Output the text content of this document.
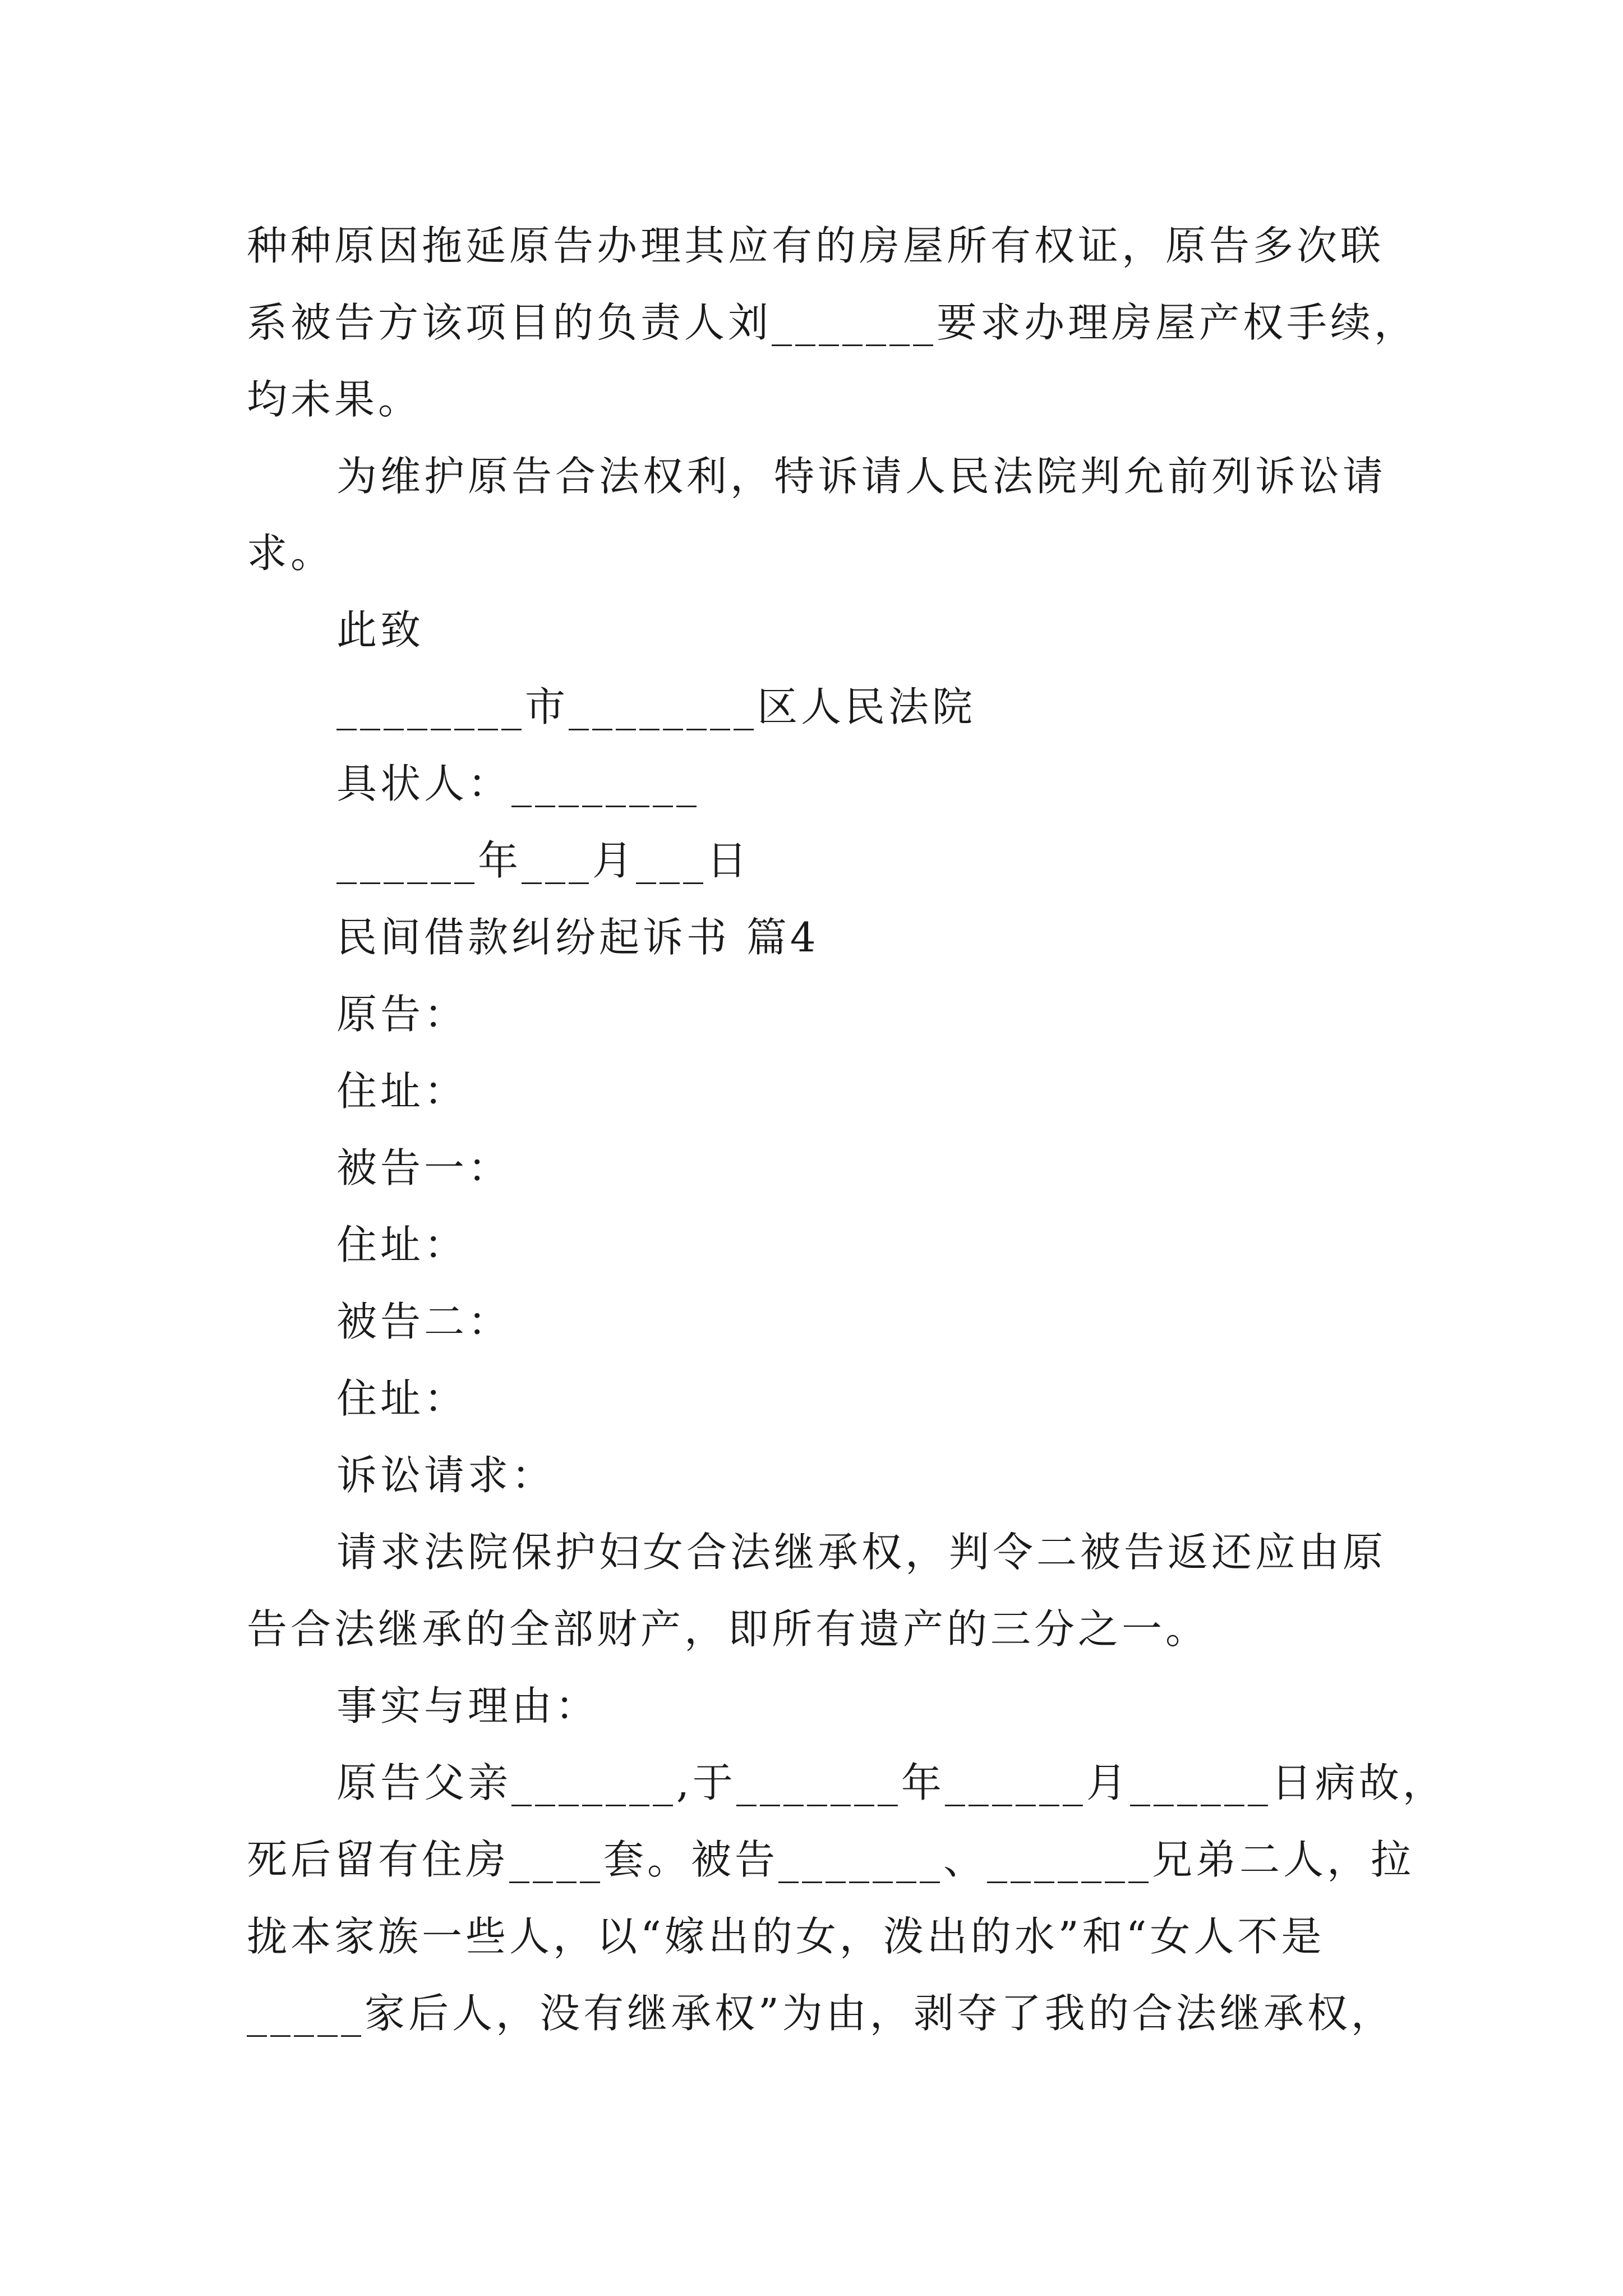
种种原因拖延原告办理其应有的房屋所有权证，原告多次联
系被告方该项目的负责人刘_______要求办理房屋产权手续，
均未果。
为维护原告合法权利，特诉请人民法院判允前列诉讼请
求。
此致
________市________区人民法院
具状人：________
______年___月___日
民间借款纠纷起诉书 篇4
原告：
住址：
被告一：
住址：
被告二：
住址：
诉讼请求：
请求法院保护妇女合法继承权，判令二被告返还应由原
告合法继承的全部财产，即所有遗产的三分之一。
事实与理由：
原告父亲_______,于_______年______月______日病故，
死后留有住房____套。被告_______、_______兄弟二人，拉
拢本家族一些人，以“嫁出的女，泼出的水”和“女人不是
_____家后人，没有继承权”为由，剥夺了我的合法继承权，
